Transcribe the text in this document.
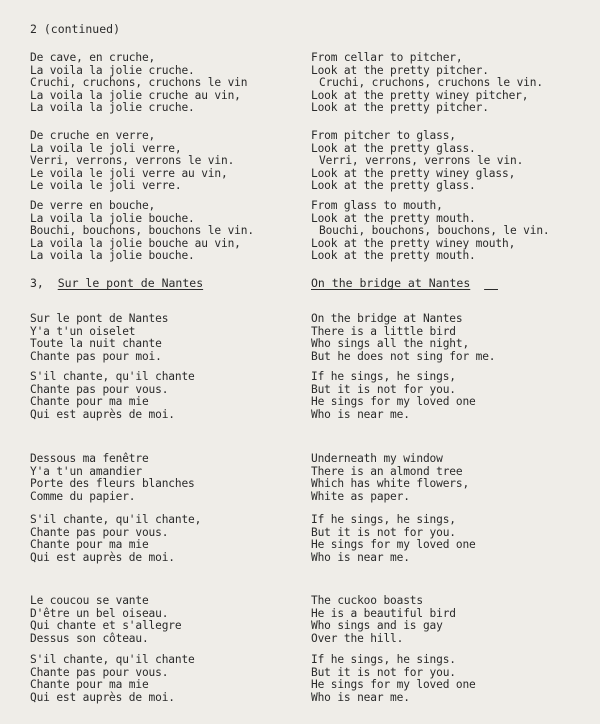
2 (continued)
De cave, en cruche,
La voila la jolie cruche.
Cruchi, cruchons, cruchons le vin
La voila la jolie cruche au vin,
La voila la jolie cruche.
De cruche en verre,
La voila le joli verre,
Verri, verrons, verrons le vin.
Le voila le joli verre au vin,
Le voila le joli verre.
De verre en bouche,
La voila la jolie bouche.
Bouchi, bouchons, bouchons le vin.
La voila la jolie bouche au vin,
La voila la jolie bouche.
From cellar to pitcher,
Look at the pretty pitcher.
Cruchi, cruchons, cruchons le vin.
Look at the pretty winey pitcher,
Look at the pretty pitcher.
From pitcher to glass,
Look at the pretty glass.
Verri, verrons, verrons le vin.
Look at the pretty winey glass,
Look at the pretty glass.
From glass to mouth,
Look at the pretty mouth.
Bouchi, bouchons, bouchons, le vin.
Look at the pretty winey mouth,
Look at the pretty mouth.
3, Sur le pont de Nantes	On the bridge at Nantes
Sur le pont de Nantes
Y'a t'un oiselet
Toute la nuit chante
Chante pas pour moi.
S'il chante, qu'il chante
Chante pas pour vous.
Chante pour ma mie
Qui est auprès de moi.
Dessous ma fenêtre
Y'a t'un amandier
Porte des fleurs blanches
Comme du papier.
S'il chante, qu'il chante,
Chante pas pour vous.
Chante pour ma mie
Qui est auprès de moi.
Le coucou se vante
D'être un bel oiseau.
Qui chante et s'allegre
Dessus son côteau.
S'il chante, qu'il chante
Chante pas pour vous.
Chante pour ma mie
Qui est auprès de moi.
On the bridge at Nantes
There is a little bird
Who sings all the night,
But he does not sing for me.
If he sings, he sings,
But it is not for you.
He sings for my loved one
Who is near me.
Underneath my window
There is an almond tree
Which has white flowers,
White as paper.
If he sings, he sings,
But it is not for you.
He sings for my loved one
Who is near me.
The cuckoo boasts
He is a beautiful bird
Who sings and is gay
Over the hill.
If he sings, he sings.
But it is not for you.
He sings for my loved one
Who is near me.
